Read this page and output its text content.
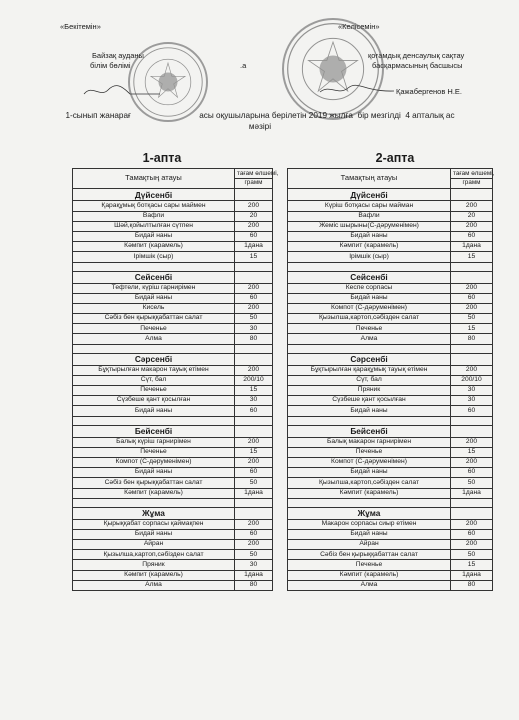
«Бекітемін»
Байзақ ауданы
білім бөлімі	.а
«Келісемін»
қоғамдық денсаулық сақтау
басқармасының басшысы
Қажабергенов Н.Е.
1-сынып жанарағ                              асы оқушыларына берілетін 2019 жылға  бір мезгілді  4 апталық ас
мәзірі
1-апта	2-апта
Тамақтың атауы	тағам өлшемі,
	грамм
Дүйсенбі	
Қарақұмық ботқасы сары маймен	200
Вафли	20
Шәй,қойылтылған сүтпен	200
Бидай наны	60
Кәмпит (карамель)	1дана
Ірімшік (сыр)	15

Сейсенбі	
Тефтели, күріш гарнирімен	200
Бидай наны	60
Кисель	200
Сәбіз бен қырыққабаттан салат	50
Печенье	30
Алма	80

Сәрсенбі	
Бұқтырылған макарон тауық етімен	200
Сүт, бал	200/10
Печенье	15
Сүзбеше қант қосылған	30
Бидай наны	60

Бейсенбі	
Балық күріш гарнирімен	200
Печенье	15
Компот (С-дәруменімен)	200
Бидай наны	60
Сәбіз бен қырыққабаттан салат	50
Кәмпит (карамель)	1дана

Жұма	
Қырыққабат сорпасы қаймақпен	200
Бидай наны	60
Айран	200
Қызылша,картоп,сәбізден салат	50
Пряник	30
Кәмпит (карамель)	1дана
Алма	80
Тамақтың атауы	тағам өлшемі,
	грамм
Дүйсенбі	
Күріш ботқасы сары майман	200
Вафли	20
Жеміс шырыны(С-дәруменімен)	200
Бидай наны	60
Кәмпит (карамель)	1дана
Ірімшік (сыр)	15

Сейсенбі	
Кеспе сорпасы	200
Бидай наны	60
Компот (С-дәруменімен)	200
Қызылша,картоп,сәбізден салат	50
Печенье	15
Алма	80

Сәрсенбі	
Бұқтырылған қарақұмық тауық етімен	200
Сүт, бал	200/10
Пряник	30
Сүзбеше қант қосылған	30
Бидай наны	60

Бейсенбі	
Балық макарон гарнирімен	200
Печенье	15
Компот (С-дәруменімен)	200
Бидай наны	60
Қызылша,картоп,сәбізден салат	50
Кәмпит (карамель)	1дана

Жұма	
Макарон сорпасы сиыр етімен	200
Бидай наны	60
Айран	200
Сәбіз бен қырыққабаттан салат	50
Печенье	15
Кәмпит (карамель)	1дана
Алма	80
